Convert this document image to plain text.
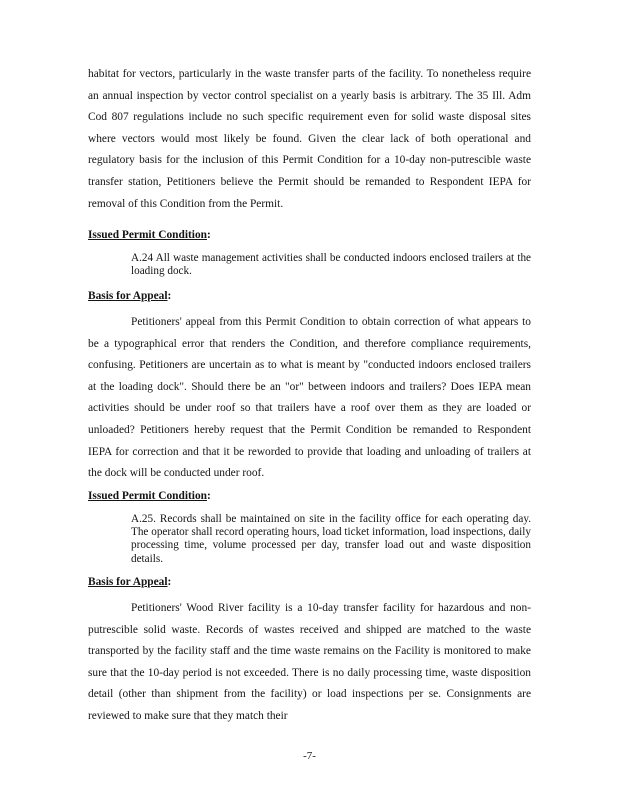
habitat for vectors, particularly in the waste transfer parts of the facility. To nonetheless require an annual inspection by vector control specialist on a yearly basis is arbitrary. The 35 Ill. Adm Cod 807 regulations include no such specific requirement even for solid waste disposal sites where vectors would most likely be found. Given the clear lack of both operational and regulatory basis for the inclusion of this Permit Condition for a 10-day non-putrescible waste transfer station, Petitioners believe the Permit should be remanded to Respondent IEPA for removal of this Condition from the Permit.

Issued Permit Condition:

A.24 All waste management activities shall be conducted indoors enclosed trailers at the loading dock.

Basis for Appeal:

Petitioners' appeal from this Permit Condition to obtain correction of what appears to be a typographical error that renders the Condition, and therefore compliance requirements, confusing. Petitioners are uncertain as to what is meant by "conducted indoors enclosed trailers at the loading dock". Should there be an "or" between indoors and trailers? Does IEPA mean activities should be under roof so that trailers have a roof over them as they are loaded or unloaded? Petitioners hereby request that the Permit Condition be remanded to Respondent IEPA for correction and that it be reworded to provide that loading and unloading of trailers at the dock will be conducted under roof.

Issued Permit Condition:

A.25. Records shall be maintained on site in the facility office for each operating day. The operator shall record operating hours, load ticket information, load inspections, daily processing time, volume processed per day, transfer load out and waste disposition details.

Basis for Appeal:

Petitioners' Wood River facility is a 10-day transfer facility for hazardous and non-putrescible solid waste. Records of wastes received and shipped are matched to the waste transported by the facility staff and the time waste remains on the Facility is monitored to make sure that the 10-day period is not exceeded. There is no daily processing time, waste disposition detail (other than shipment from the facility) or load inspections per se. Consignments are reviewed to make sure that they match their

-7-
